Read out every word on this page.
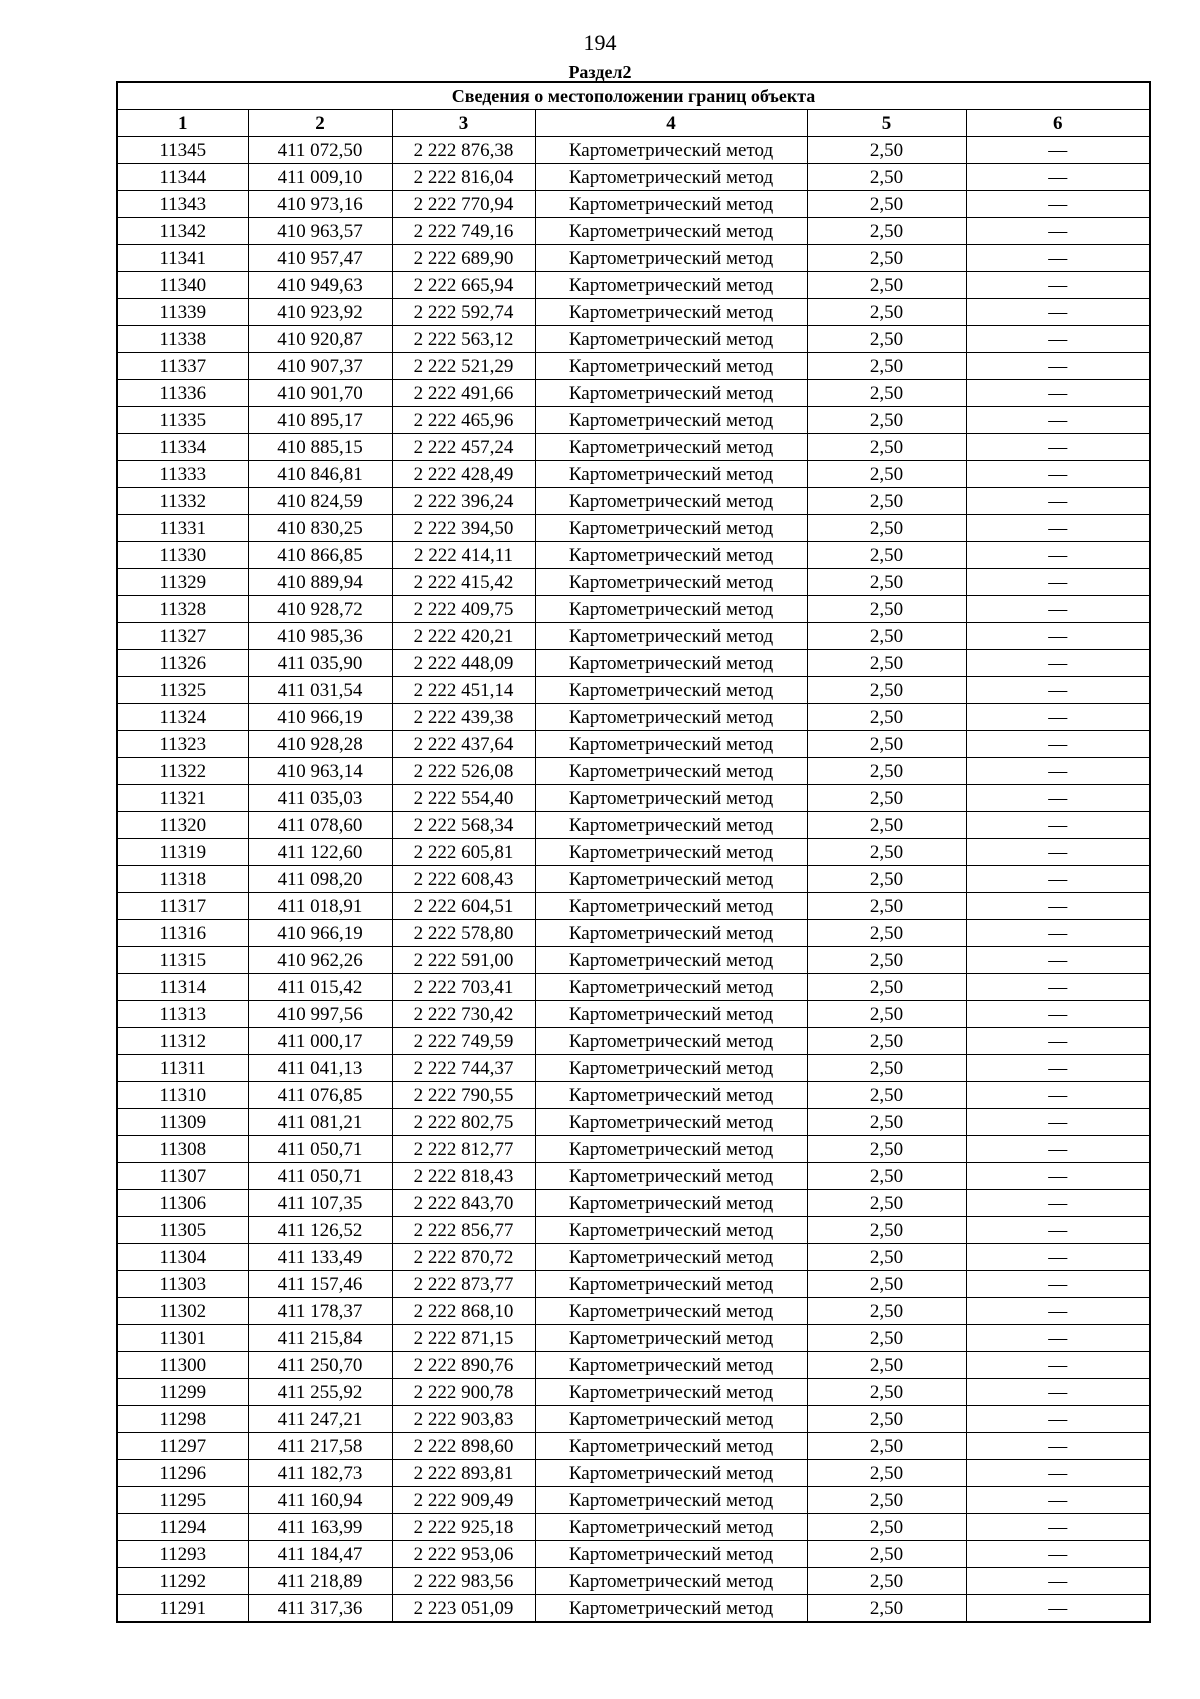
194
Раздел2
Сведения о местоположении границ объекта					
1	2	3	4	5	6
11345	411 072,50	2 222 876,38	Картометрический метод	2,50	—
11344	411 009,10	2 222 816,04	Картометрический метод	2,50	—
11343	410 973,16	2 222 770,94	Картометрический метод	2,50	—
11342	410 963,57	2 222 749,16	Картометрический метод	2,50	—
11341	410 957,47	2 222 689,90	Картометрический метод	2,50	—
11340	410 949,63	2 222 665,94	Картометрический метод	2,50	—
11339	410 923,92	2 222 592,74	Картометрический метод	2,50	—
11338	410 920,87	2 222 563,12	Картометрический метод	2,50	—
11337	410 907,37	2 222 521,29	Картометрический метод	2,50	—
11336	410 901,70	2 222 491,66	Картометрический метод	2,50	—
11335	410 895,17	2 222 465,96	Картометрический метод	2,50	—
11334	410 885,15	2 222 457,24	Картометрический метод	2,50	—
11333	410 846,81	2 222 428,49	Картометрический метод	2,50	—
11332	410 824,59	2 222 396,24	Картометрический метод	2,50	—
11331	410 830,25	2 222 394,50	Картометрический метод	2,50	—
11330	410 866,85	2 222 414,11	Картометрический метод	2,50	—
11329	410 889,94	2 222 415,42	Картометрический метод	2,50	—
11328	410 928,72	2 222 409,75	Картометрический метод	2,50	—
11327	410 985,36	2 222 420,21	Картометрический метод	2,50	—
11326	411 035,90	2 222 448,09	Картометрический метод	2,50	—
11325	411 031,54	2 222 451,14	Картометрический метод	2,50	—
11324	410 966,19	2 222 439,38	Картометрический метод	2,50	—
11323	410 928,28	2 222 437,64	Картометрический метод	2,50	—
11322	410 963,14	2 222 526,08	Картометрический метод	2,50	—
11321	411 035,03	2 222 554,40	Картометрический метод	2,50	—
11320	411 078,60	2 222 568,34	Картометрический метод	2,50	—
11319	411 122,60	2 222 605,81	Картометрический метод	2,50	—
11318	411 098,20	2 222 608,43	Картометрический метод	2,50	—
11317	411 018,91	2 222 604,51	Картометрический метод	2,50	—
11316	410 966,19	2 222 578,80	Картометрический метод	2,50	—
11315	410 962,26	2 222 591,00	Картометрический метод	2,50	—
11314	411 015,42	2 222 703,41	Картометрический метод	2,50	—
11313	410 997,56	2 222 730,42	Картометрический метод	2,50	—
11312	411 000,17	2 222 749,59	Картометрический метод	2,50	—
11311	411 041,13	2 222 744,37	Картометрический метод	2,50	—
11310	411 076,85	2 222 790,55	Картометрический метод	2,50	—
11309	411 081,21	2 222 802,75	Картометрический метод	2,50	—
11308	411 050,71	2 222 812,77	Картометрический метод	2,50	—
11307	411 050,71	2 222 818,43	Картометрический метод	2,50	—
11306	411 107,35	2 222 843,70	Картометрический метод	2,50	—
11305	411 126,52	2 222 856,77	Картометрический метод	2,50	—
11304	411 133,49	2 222 870,72	Картометрический метод	2,50	—
11303	411 157,46	2 222 873,77	Картометрический метод	2,50	—
11302	411 178,37	2 222 868,10	Картометрический метод	2,50	—
11301	411 215,84	2 222 871,15	Картометрический метод	2,50	—
11300	411 250,70	2 222 890,76	Картометрический метод	2,50	—
11299	411 255,92	2 222 900,78	Картометрический метод	2,50	—
11298	411 247,21	2 222 903,83	Картометрический метод	2,50	—
11297	411 217,58	2 222 898,60	Картометрический метод	2,50	—
11296	411 182,73	2 222 893,81	Картометрический метод	2,50	—
11295	411 160,94	2 222 909,49	Картометрический метод	2,50	—
11294	411 163,99	2 222 925,18	Картометрический метод	2,50	—
11293	411 184,47	2 222 953,06	Картометрический метод	2,50	—
11292	411 218,89	2 222 983,56	Картометрический метод	2,50	—
11291	411 317,36	2 223 051,09	Картометрический метод	2,50	—
